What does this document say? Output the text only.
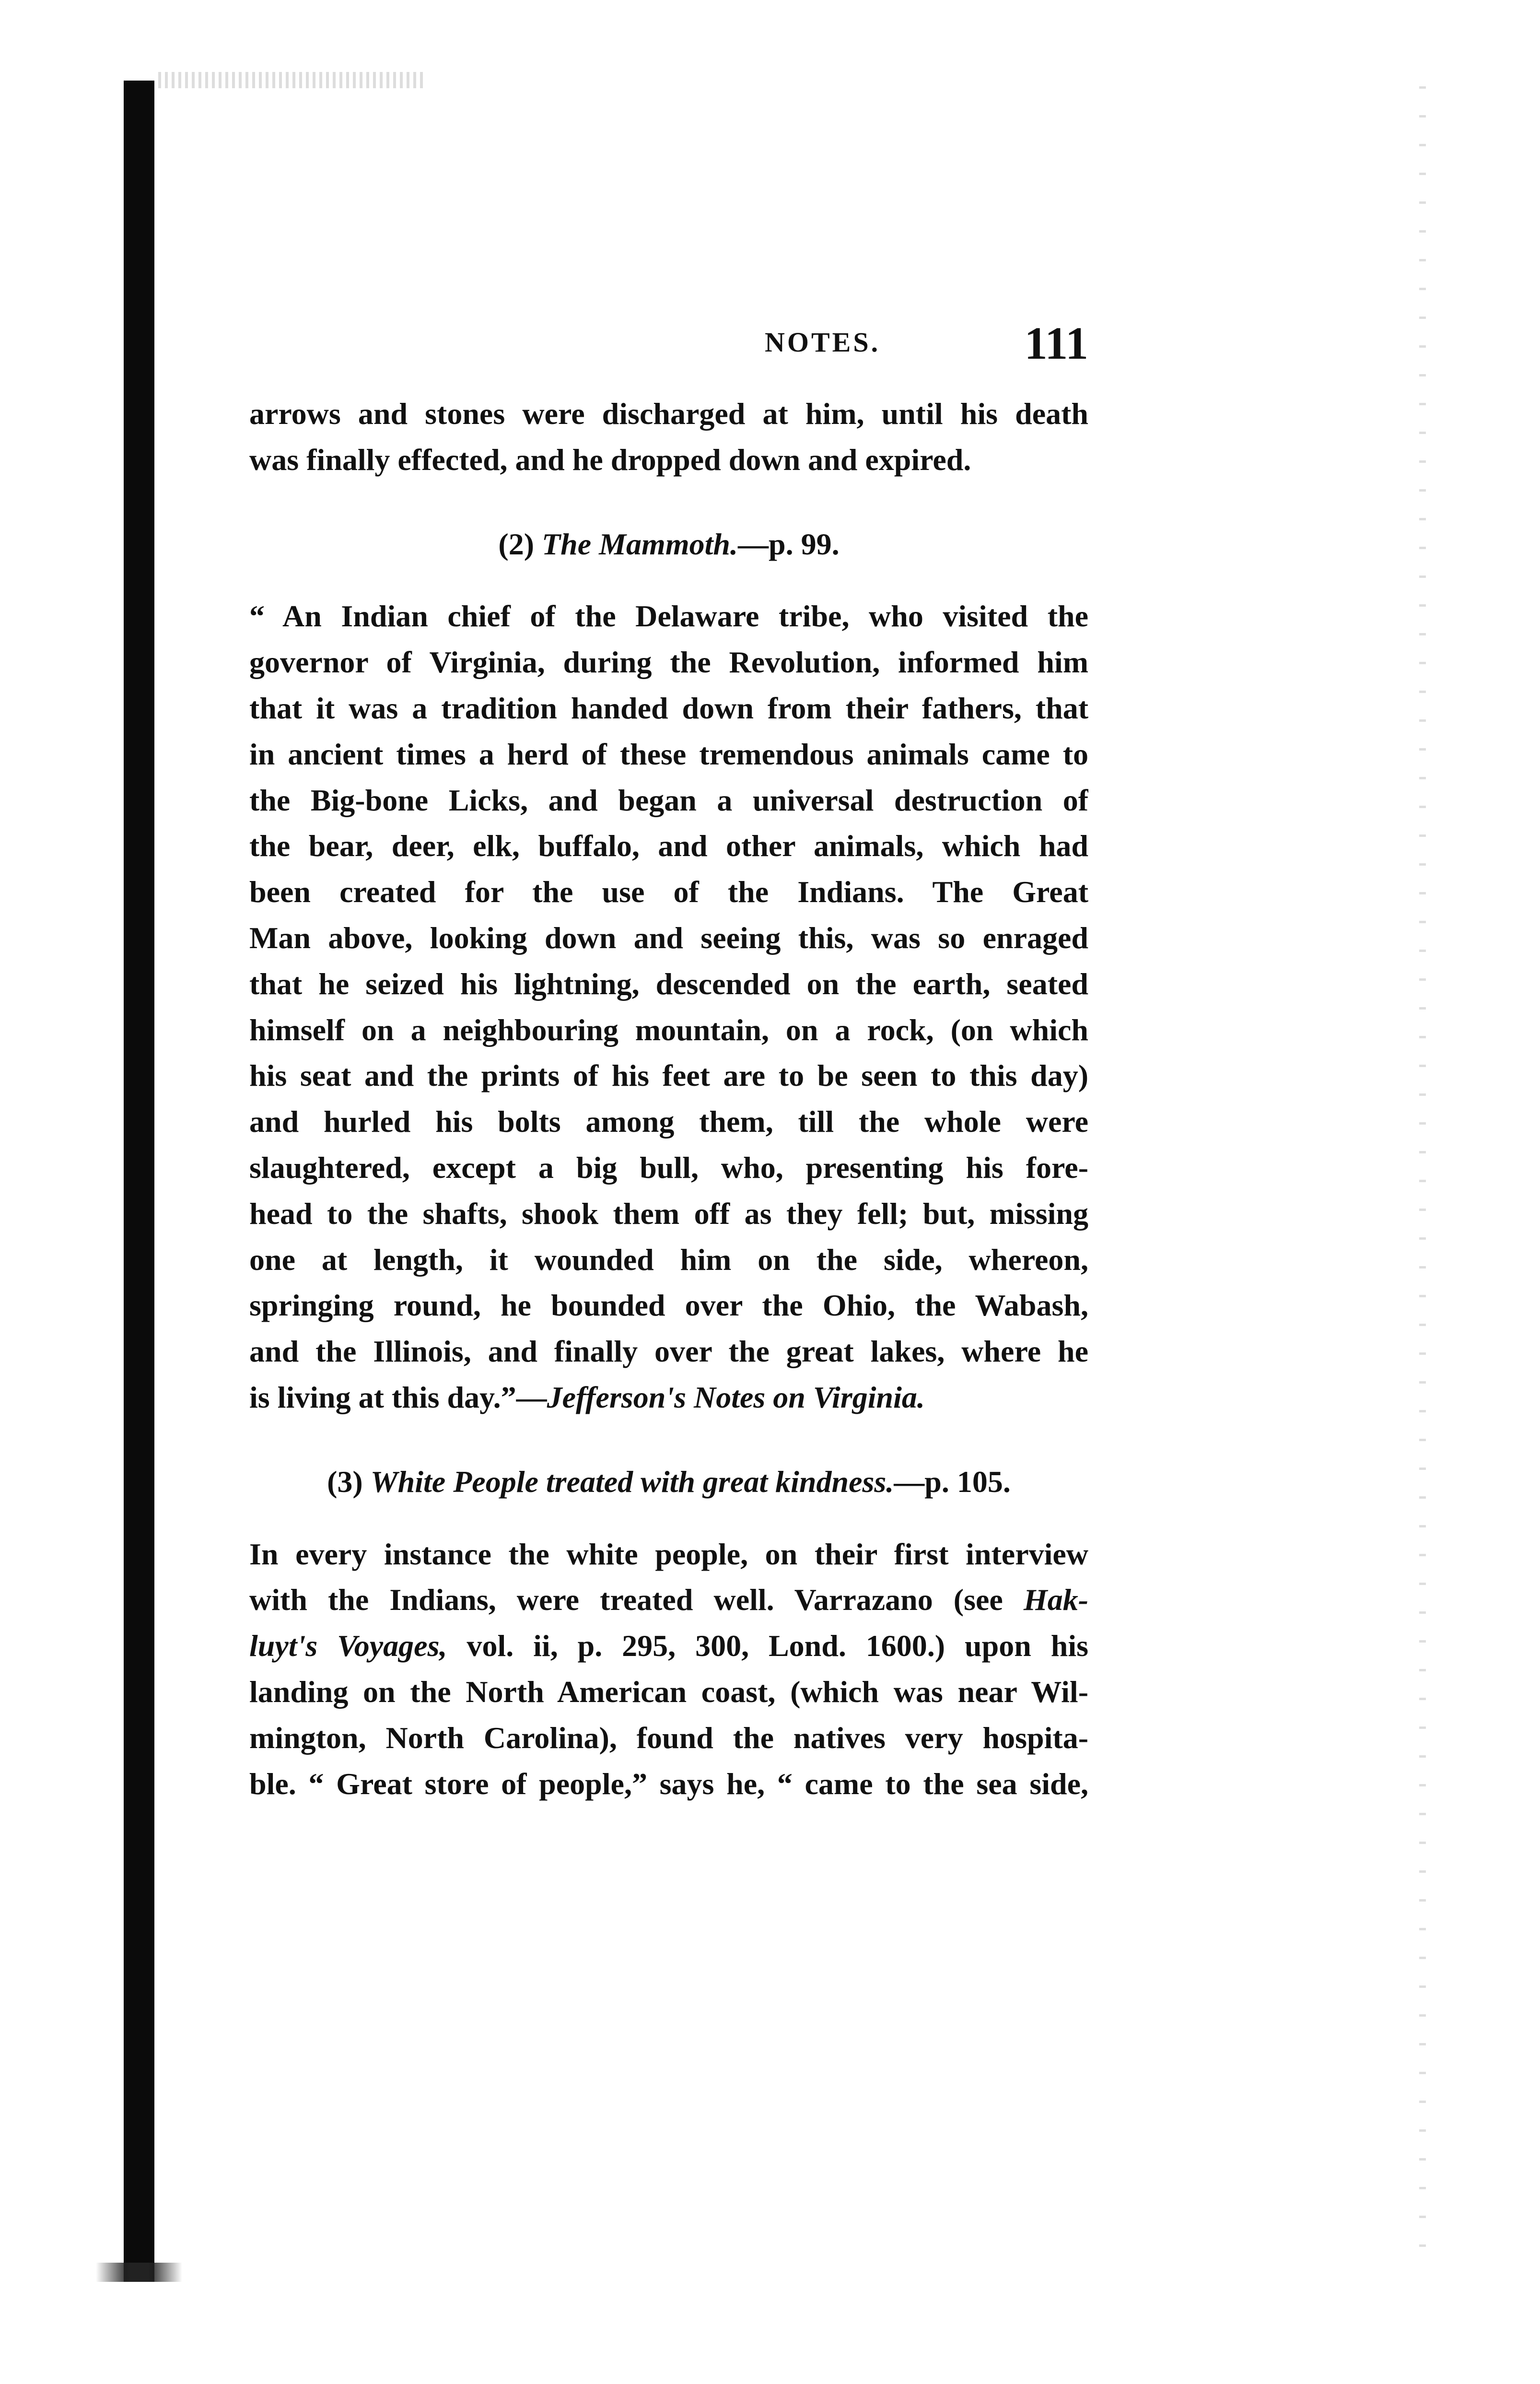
NOTES.	111
arrows and stones were discharged at him, until his death
was finally effected, and he dropped down and expired.
(2) The Mammoth.—p. 99.
“ An Indian chief of the Delaware tribe, who visited the
governor of Virginia, during the Revolution, informed him
that it was a tradition handed down from their fathers, that
in ancient times a herd of these tremendous animals came to
the Big-bone Licks, and began a universal destruction of
the bear, deer, elk, buffalo, and other animals, which had
been created for the use of the Indians. The Great
Man above, looking down and seeing this, was so enraged
that he seized his lightning, descended on the earth, seated
himself on a neighbouring mountain, on a rock, (on which
his seat and the prints of his feet are to be seen to this day)
and hurled his bolts among them, till the whole were
slaughtered, except a big bull, who, presenting his fore-
head to the shafts, shook them off as they fell; but, missing
one at length, it wounded him on the side, whereon,
springing round, he bounded over the Ohio, the Wabash,
and the Illinois, and finally over the great lakes, where he
is living at this day.”—Jefferson's Notes on Virginia.
(3) White People treated with great kindness.—p. 105.
In every instance the white people, on their first interview
with the Indians, were treated well. Varrazano (see Hak-
luyt's Voyages, vol. ii, p. 295, 300, Lond. 1600.) upon his
landing on the North American coast, (which was near Wil-
mington, North Carolina), found the natives very hospita-
ble. “ Great store of people,” says he, “ came to the sea side,
